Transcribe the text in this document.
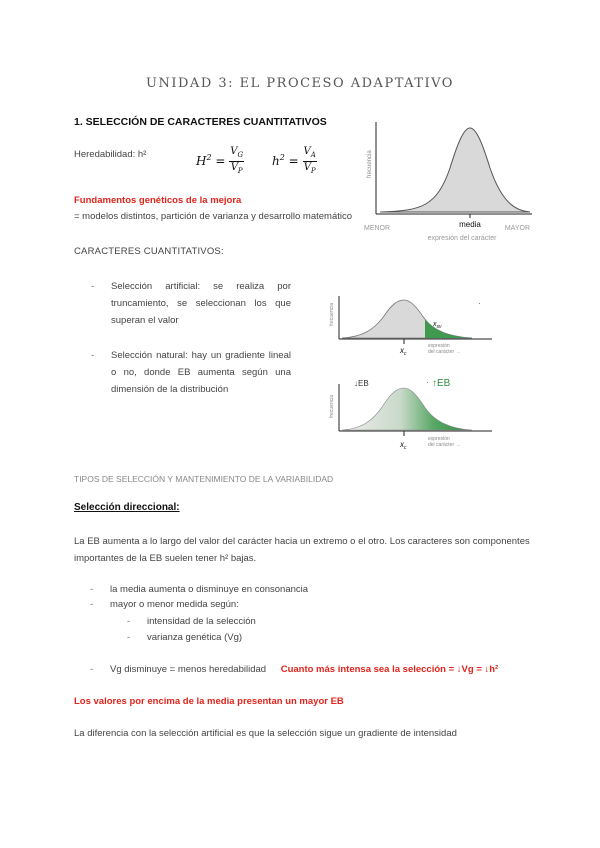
UNIDAD 3: EL PROCESO ADAPTATIVO
1. SELECCIÓN DE CARACTERES CUANTITATIVOS
Heredabilidad: h²	$H^2 = \frac{V_G}{V_P} h^2 = \frac{V_A}{V_P}$
Fundamentos genéticos de la mejora
= modelos distintos, partición de varianza y desarrollo matemático
CARACTERES CUANTITATIVOS:
- Selección artificial: se realiza por truncamiento, se seleccionan los que superan el valor
- Selección natural: hay un gradiente lineal o no, donde EB aumenta según una dimensión de la distribución
frecuencia
MENOR	media	MAYOR
expresión del carácter
frecuencia	$x_{sv}$
$x_c$
expresión
del carácter →
·
frecuencia
↓EB	· ↑EB
$x_c$
expresión
del carácter →
TIPOS DE SELECCIÓN Y MANTENIMIENTO DE LA VARIABILIDAD
Selección direccional:
La EB aumenta a lo largo del valor del carácter hacia un extremo o el otro. Los caracteres son componentes importantes de la EB suelen tener h² bajas.
- la media aumenta o disminuye en consonancia
- mayor o menor medida según:
- intensidad de la selección
- varianza genética (Vg)
- Vg disminuye = menos heredabilidad Cuanto más intensa sea la selección = ↓Vg = ↓h²
Los valores por encima de la media presentan un mayor EB
La diferencia con la selección artificial es que la selección sigue un gradiente de intensidad
